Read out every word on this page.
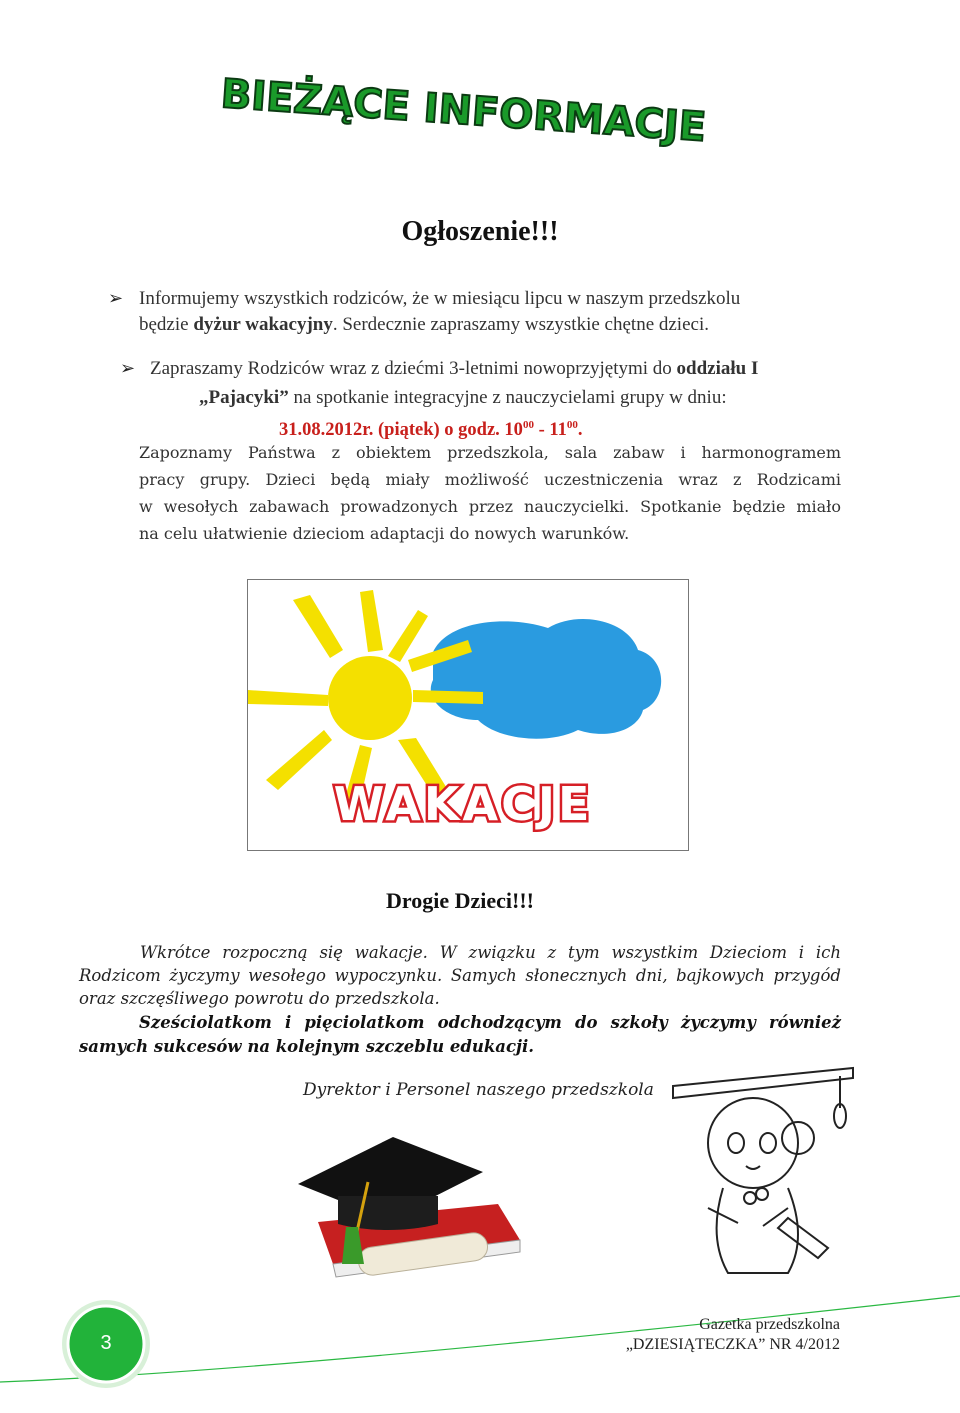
BIEŻĄCE INFORMACJE
Ogłoszenie!!!
➢ Informujemy wszystkich rodziców, że w miesiącu lipcu w naszym przedszkolu
będzie dyżur wakacyjny. Serdecznie zapraszamy wszystkie chętne dzieci.
➢ Zapraszamy Rodziców wraz z dziećmi 3-letnimi nowoprzyjętymi do oddziału I
„Pajacyki” na spotkanie integracyjne z nauczycielami grupy w dniu:
31.08.2012r. (piątek) o godz. $10^{00} - 11^{00}$.
Zapoznamy Państwa z obiektem przedszkola, sala zabaw i harmonogramem
pracy grupy. Dzieci będą miały możliwość uczestniczenia wraz z Rodzicami
w wesołych zabawach prowadzonych przez nauczycielki. Spotkanie będzie miało
na celu ułatwienie dzieciom adaptacji do nowych warunków.
WAKACJE
Drogie Dzieci!!!
Wkrótce rozpoczną się wakacje. W związku z tym wszystkim Dzieciom i ich
Rodzicom życzymy wesołego wypoczynku. Samych słonecznych dni, bajkowych przygód
oraz szczęśliwego powrotu do przedszkola.
Sześciolatkom i pięciolatkom odchodzącym do szkoły życzymy również
samych sukcesów na kolejnym szczeblu edukacji.
Dyrektor i Personel naszego przedszkola
3
Gazetka przedszkolna
„DZIESIĄTECZKA” NR 4/2012
